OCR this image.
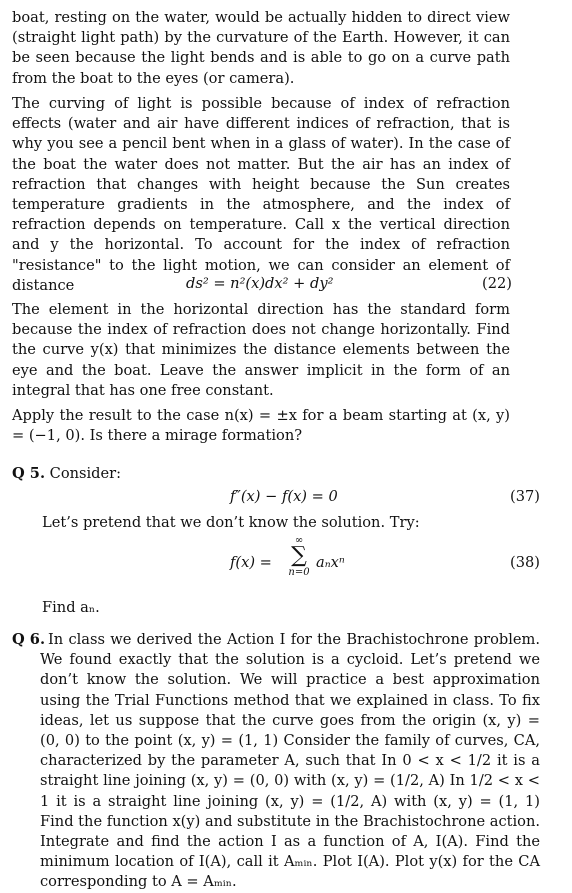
boat, resting on the water, would be actually hidden to direct view (straight light path) by the curvature of the Earth. However, it can be seen because the light bends and is able to go on a curve path from the boat to the eyes (or camera).

The curving of light is possible because of index of refraction effects (water and air have different indices of refraction, that is why you see a pencil bent when in a glass of water). In the case of the boat the water does not matter. But the air has an index of refraction that changes with height because the Sun creates temperature gradients in the atmosphere, and the index of refraction depends on temperature. Call x the vertical direction and y the horizontal. To account for the index of refraction "resistance" to the light motion, we can consider an element of distance	ds² = n²(x)dx² + dy²	(22)

The element in the horizontal direction has the standard form because the index of refraction does not change horizontally. Find the curve y(x) that minimizes the distance elements between the eye and the boat. Leave the answer implicit in the form of an integral that has one free constant.

Apply the result to the case n(x) = ±x for a beam starting at (x, y) = (−1, 0). Is there a mirage formation?

Q 5. Consider:
f″(x) − f(x) = 0	(37)

Let’s pretend that we don’t know the solution. Try:

f(x) =
∞
∑
n=0
aₙxⁿ	(38)

Find aₙ.

Q 6. In class we derived the Action I for the Brachistochrone problem. We found exactly that the solution is a cycloid. Let’s pretend we don’t know the solution. We will practice a best approximation using the Trial Functions method that we explained in class. To fix ideas, let us suppose that the curve goes from the origin (x, y) = (0, 0) to the point (x, y) = (1, 1) Consider the family of curves, CA, characterized by the parameter A, such that In 0 < x < 1/2 it is a straight line joining (x, y) = (0, 0) with (x, y) = (1/2, A) In 1/2 < x < 1 it is a straight line joining (x, y) = (1/2, A) with (x, y) = (1, 1) Find the function x(y) and substitute in the Brachistochrone action. Integrate and find the action I as a function of A, I(A). Find the minimum location of I(A), call it Aₘᵢₙ. Plot I(A). Plot y(x) for the CA corresponding to A = Aₘᵢₙ.
